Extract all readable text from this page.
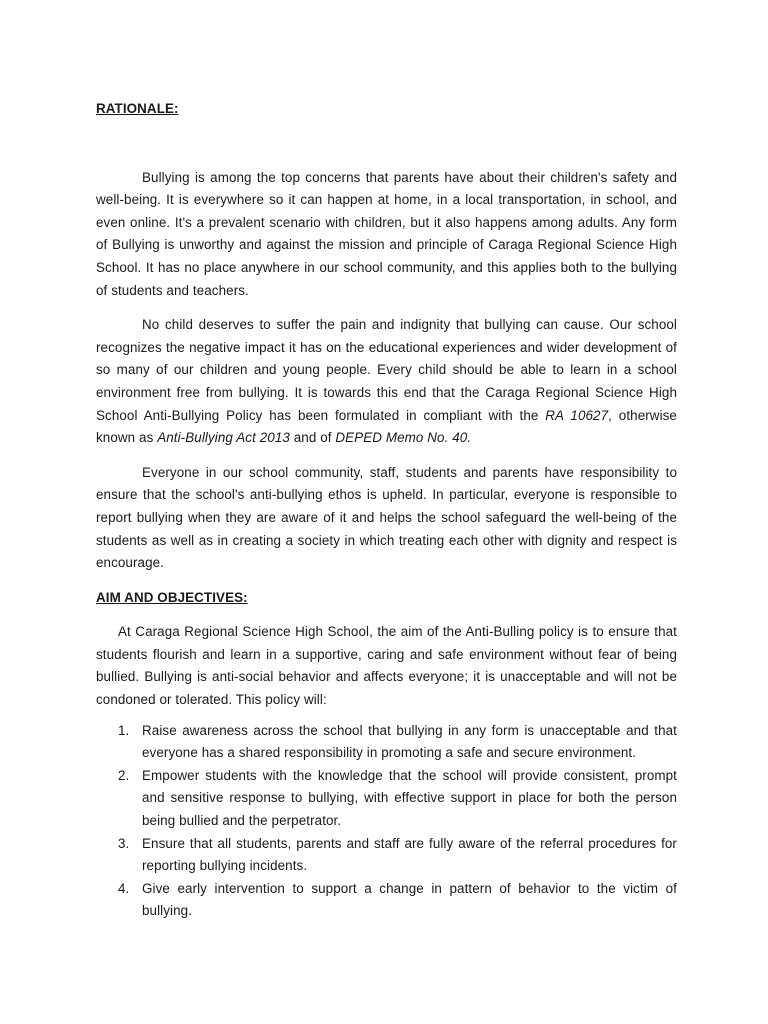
RATIONALE:

Bullying is among the top concerns that parents have about their children's safety and well-being. It is everywhere so it can happen at home, in a local transportation, in school, and even online. It's a prevalent scenario with children, but it also happens among adults. Any form of Bullying is unworthy and against the mission and principle of Caraga Regional Science High School. It has no place anywhere in our school community, and this applies both to the bullying of students and teachers.

No child deserves to suffer the pain and indignity that bullying can cause. Our school recognizes the negative impact it has on the educational experiences and wider development of so many of our children and young people. Every child should be able to learn in a school environment free from bullying. It is towards this end that the Caraga Regional Science High School Anti-Bullying Policy has been formulated in compliant with the RA 10627, otherwise known as Anti-Bullying Act 2013 and of DEPED Memo No. 40.

Everyone in our school community, staff, students and parents have responsibility to ensure that the school's anti-bullying ethos is upheld. In particular, everyone is responsible to report bullying when they are aware of it and helps the school safeguard the well-being of the students as well as in creating a society in which treating each other with dignity and respect is encourage.

AIM AND OBJECTIVES:

At Caraga Regional Science High School, the aim of the Anti-Bulling policy is to ensure that students flourish and learn in a supportive, caring and safe environment without fear of being bullied. Bullying is anti-social behavior and affects everyone; it is unacceptable and will not be condoned or tolerated. This policy will:

1. Raise awareness across the school that bullying in any form is unacceptable and that everyone has a shared responsibility in promoting a safe and secure environment.
2. Empower students with the knowledge that the school will provide consistent, prompt and sensitive response to bullying, with effective support in place for both the person being bullied and the perpetrator.
3. Ensure that all students, parents and staff are fully aware of the referral procedures for reporting bullying incidents.
4. Give early intervention to support a change in pattern of behavior to the victim of bullying.
